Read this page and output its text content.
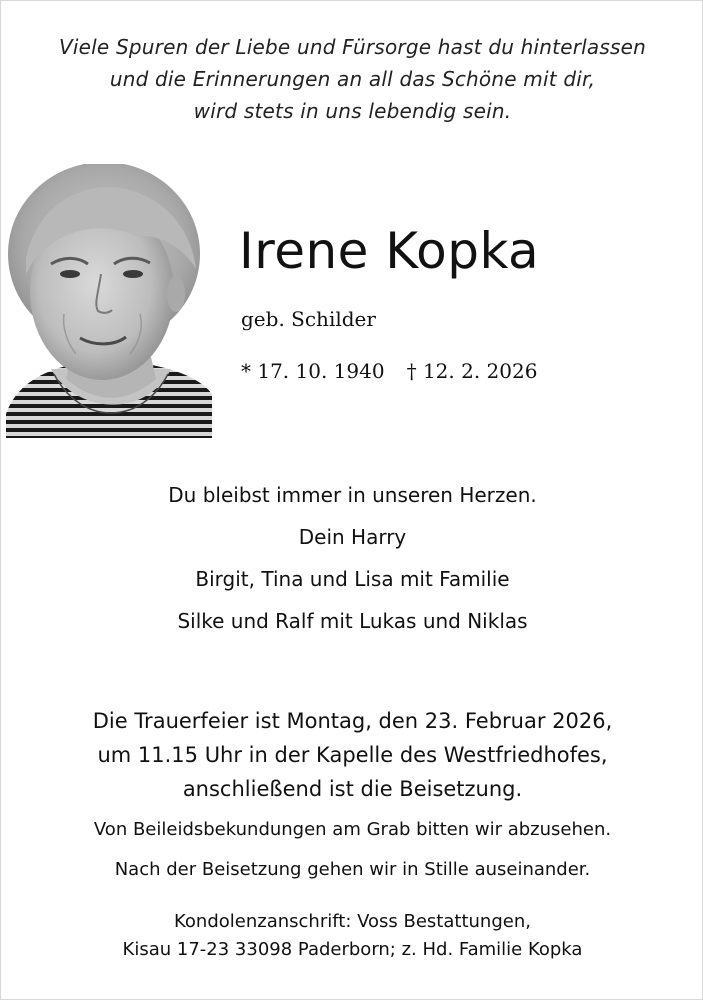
Viele Spuren der Liebe und Fürsorge hast du hinterlassen
und die Erinnerungen an all das Schöne mit dir,
wird stets in uns lebendig sein.
Irene Kopka
geb. Schilder
* 17. 10. 1940 † 12. 2. 2026
Du bleibst immer in unseren Herzen.
Dein Harry
Birgit, Tina und Lisa mit Familie
Silke und Ralf mit Lukas und Niklas
Die Trauerfeier ist Montag, den 23. Februar 2026,
um 11.15 Uhr in der Kapelle des Westfriedhofes,
anschließend ist die Beisetzung.
Von Beileidsbekundungen am Grab bitten wir abzusehen.
Nach der Beisetzung gehen wir in Stille auseinander.
Kondolenzanschrift: Voss Bestattungen,
Kisau 17-23 33098 Paderborn; z. Hd. Familie Kopka
